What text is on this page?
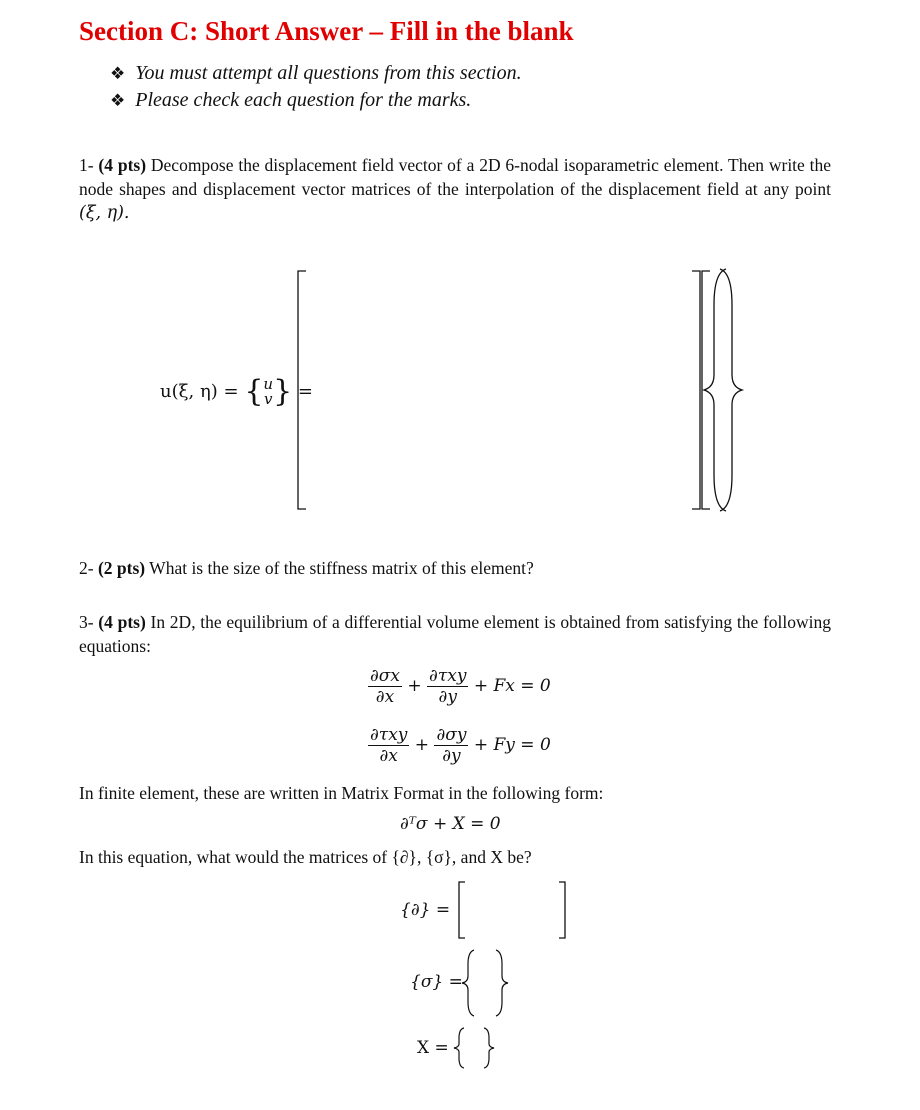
Section C: Short Answer – Fill in the blank
❖ You must attempt all questions from this section.
❖ Please check each question for the marks.
1- (4 pts) Decompose the displacement field vector of a 2D 6-nodal isoparametric element. Then write the node shapes and displacement vector matrices of the interpolation of the displacement field at any point (ξ, η).
u(ξ, η) = { u
v } =
2- (2 pts) What is the size of the stiffness matrix of this element?
3- (4 pts) In 2D, the equilibrium of a differential volume element is obtained from satisfying the following equations:
$\frac{\partial\sigma x}{\partial x} + \frac{\text{∂τxy}}{\partial y} + Fx = 0$
$\frac{\text{∂τxy}}{\partial x} + \frac{\partial\sigma y}{\partial y} + Fy = 0$
In finite element, these are written in Matrix Format in the following form:
∂ᵀσ + X = 0
In this equation, what would the matrices of {∂}, {σ}, and X be?
{∂} =
{σ} =
X =
